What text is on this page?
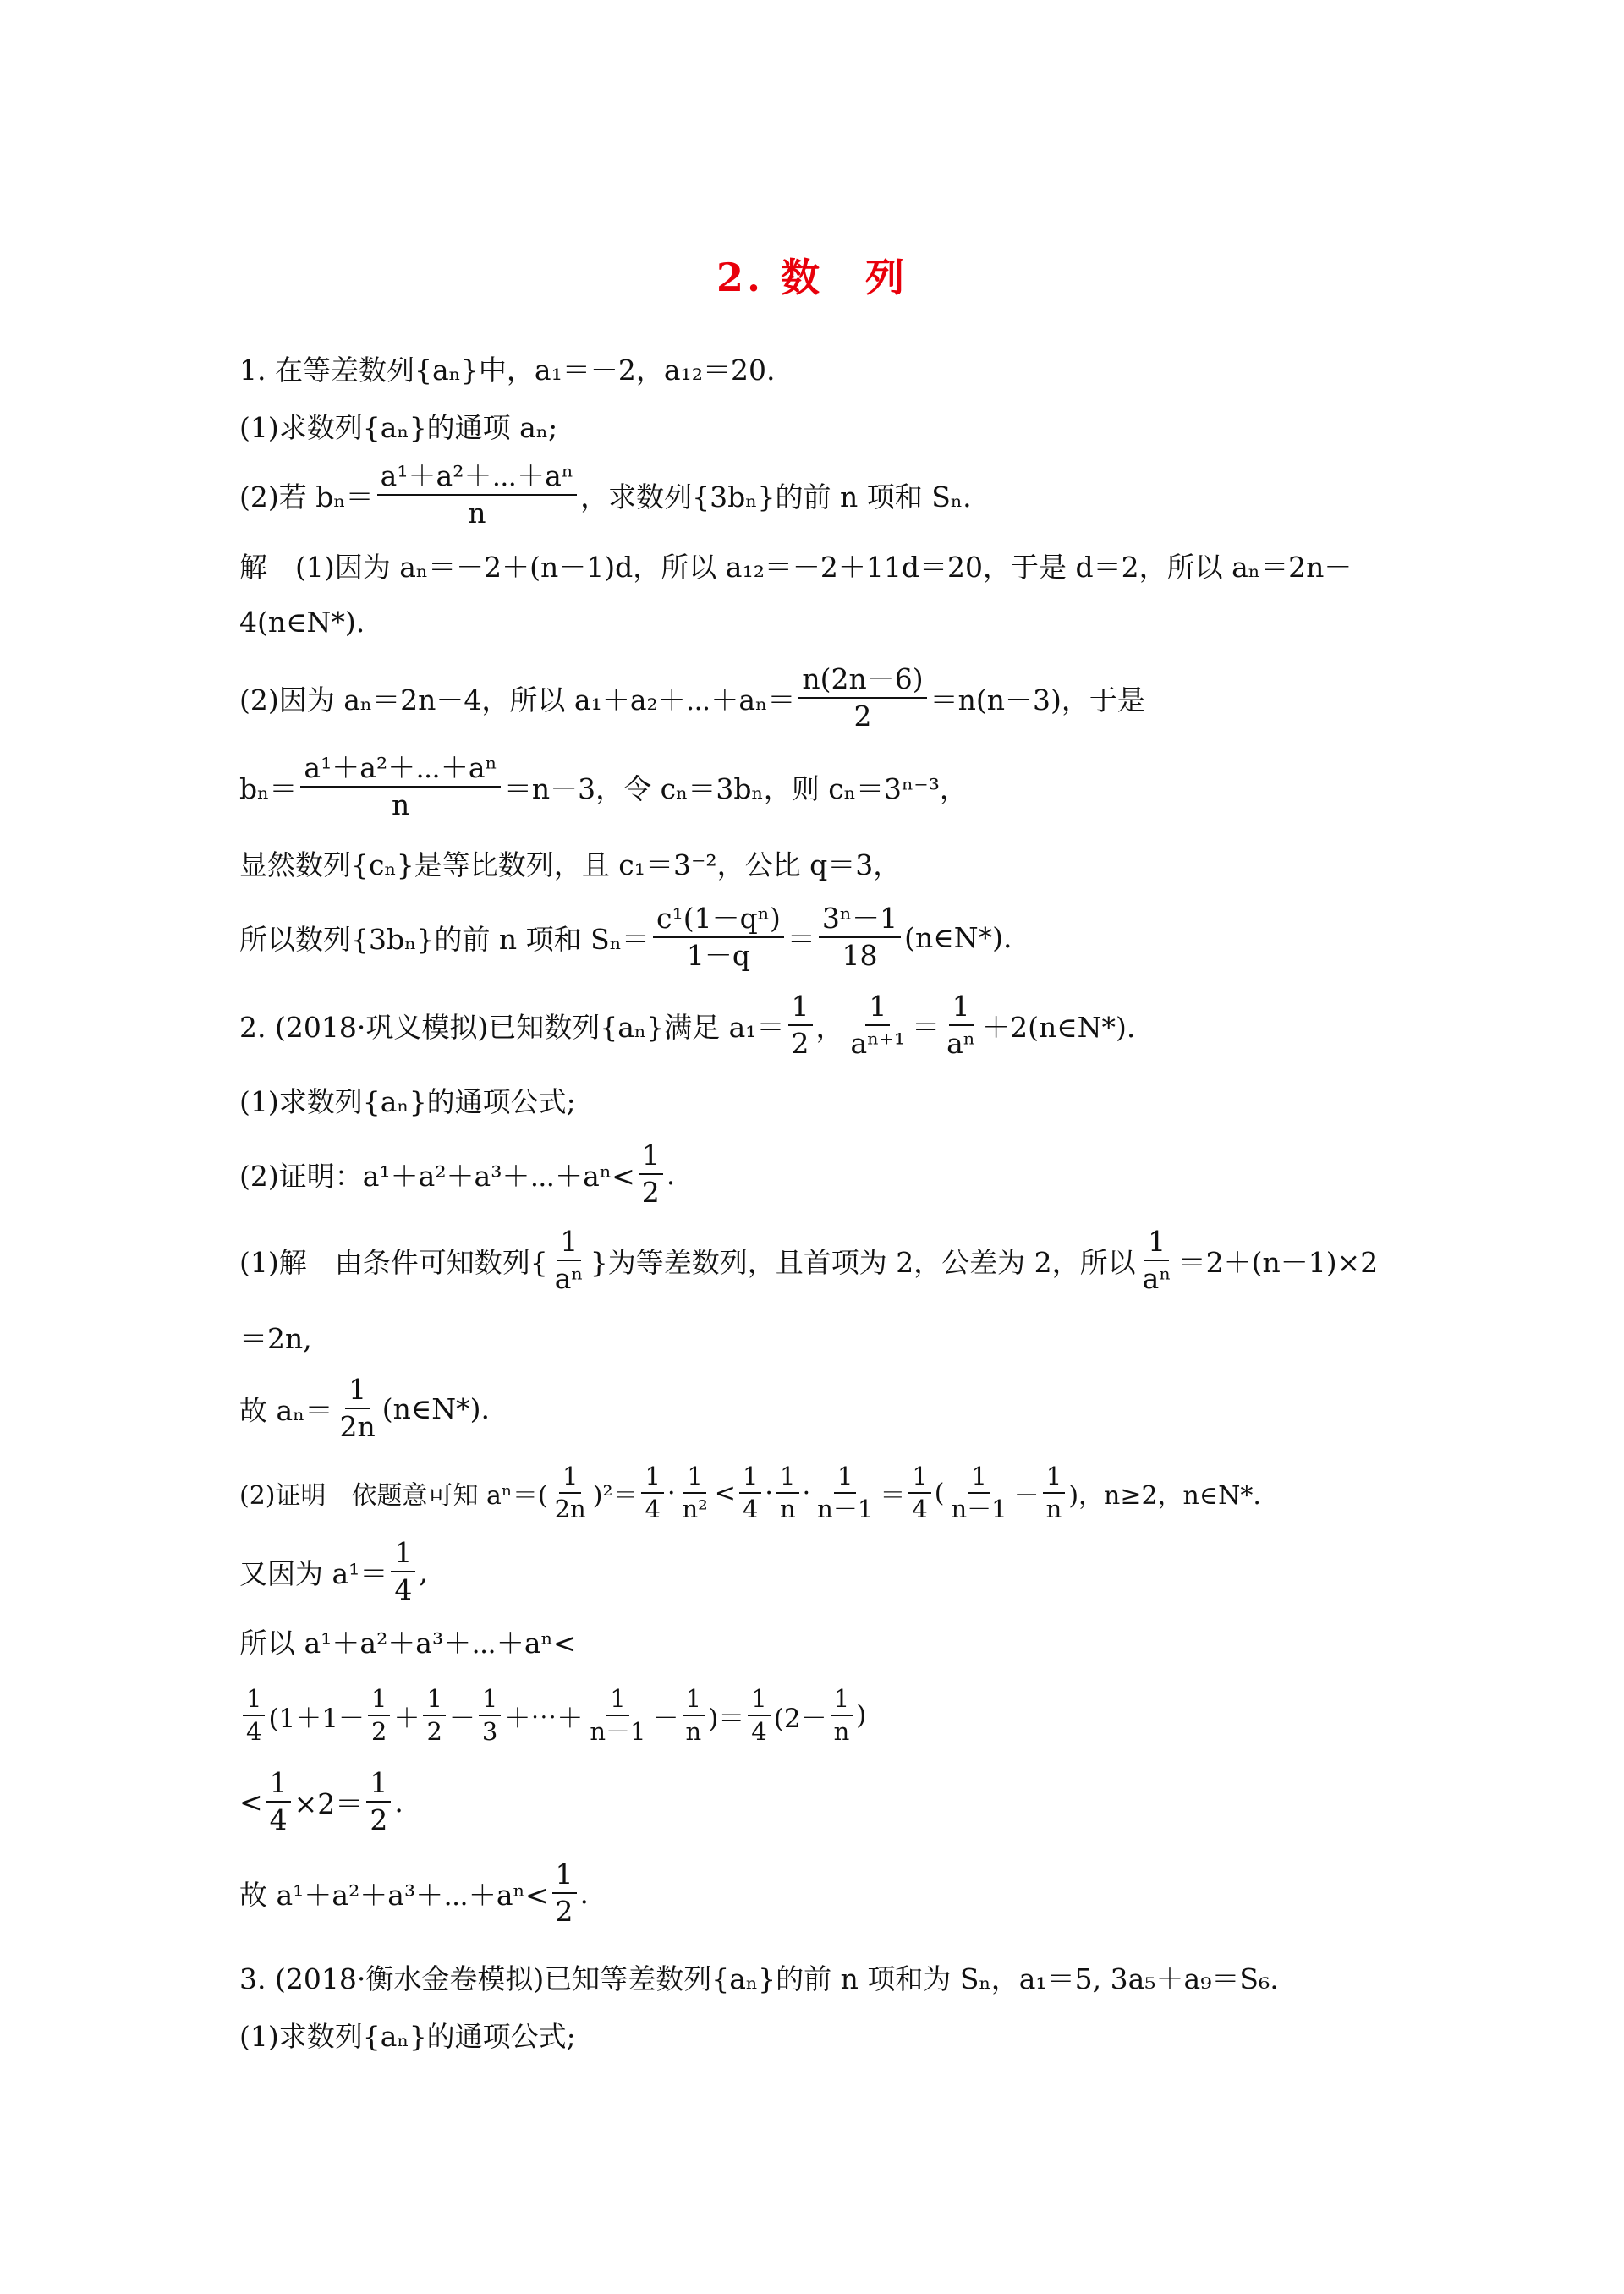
2. 数　列
1. 在等差数列{aₙ}中，a₁＝－2，a₁₂＝20.
(1)求数列{aₙ}的通项 aₙ;
(2)若 $b_n= \frac{\text{a¹＋a²＋⋯＋aⁿ}}{n}$ ，求数列{3bₙ}的前 n 项和 Sₙ.
解　(1)因为 aₙ＝－2＋(n－1)d，所以 a₁₂＝－2＋11d＝20，于是 d＝2，所以 aₙ＝2n－
4(n∈N*).
(2)因为 aₙ＝2n－4，所以 a₁＋a₂＋⋯＋aₙ＝ $\frac{n(2n-6)}{2} =n(n-3)$，于是
$b_n= \frac{\text{a¹＋a²＋⋯＋aⁿ}}{n} =n-3$，令 cₙ＝3bₙ，则 cₙ＝3ⁿ⁻³，
显然数列{cₙ}是等比数列，且 c₁＝3⁻²，公比 q＝3，
所以数列{3bₙ}的前 n 项和 $S_n= \frac{\text{c¹(1－qⁿ)}}{1-q} = \frac{\text{3ⁿ－1}}{18}$ (n∈N*).
2. (2018·巩义模拟)已知数列{aₙ}满足 $a_1= \frac{1}{2}$ ， $\frac{1}{\text{aⁿ⁺¹}} = \frac{1}{\text{aⁿ}}$ ＋2(n∈N*).
(1)求数列{aₙ}的通项公式;
(2)证明：a¹＋a²＋a³＋⋯＋aⁿ< $\frac{1}{2}$ .
(1)解　由条件可知数列{ $\frac{1}{\text{aⁿ}}$ }为等差数列，且首项为 2，公差为 2，所以 $\frac{1}{\text{aⁿ}} =2+(n-1)\times 2$
＝2n,
故 $a_n= \frac{1}{2n}$ (n∈N*).
(2)证明　依题意可知 $a^n=( \frac{1}{2n} )^2= \frac{1}{4} \cdot \frac{1}{\text{n²}} < \frac{1}{4} \cdot \frac{1}{n} \cdot \frac{1}{n-1} = \frac{1}{4}$ ( $\frac{1}{n-1} - \frac{1}{n}$ )，n≥2，n∈N*.
又因为 $a^1= \frac{1}{4}$ ,
所以 a¹＋a²＋a³＋⋯＋aⁿ<
$\frac{1}{4} (1+1- \frac{1}{2} + \frac{1}{2} - \frac{1}{3}$ ＋⋯＋ $\frac{1}{n-1} - \frac{1}{n}$ )＝ $\frac{1}{4} (2- \frac{1}{n}$ )
< $\frac{1}{4} \times 2= \frac{1}{2}$ .
故 a¹＋a²＋a³＋⋯＋aⁿ< $\frac{1}{2}$ .
3. (2018·衡水金卷模拟)已知等差数列{aₙ}的前 n 项和为 Sₙ，a₁＝5, 3a₅＋a₉＝S₆.
(1)求数列{aₙ}的通项公式;
